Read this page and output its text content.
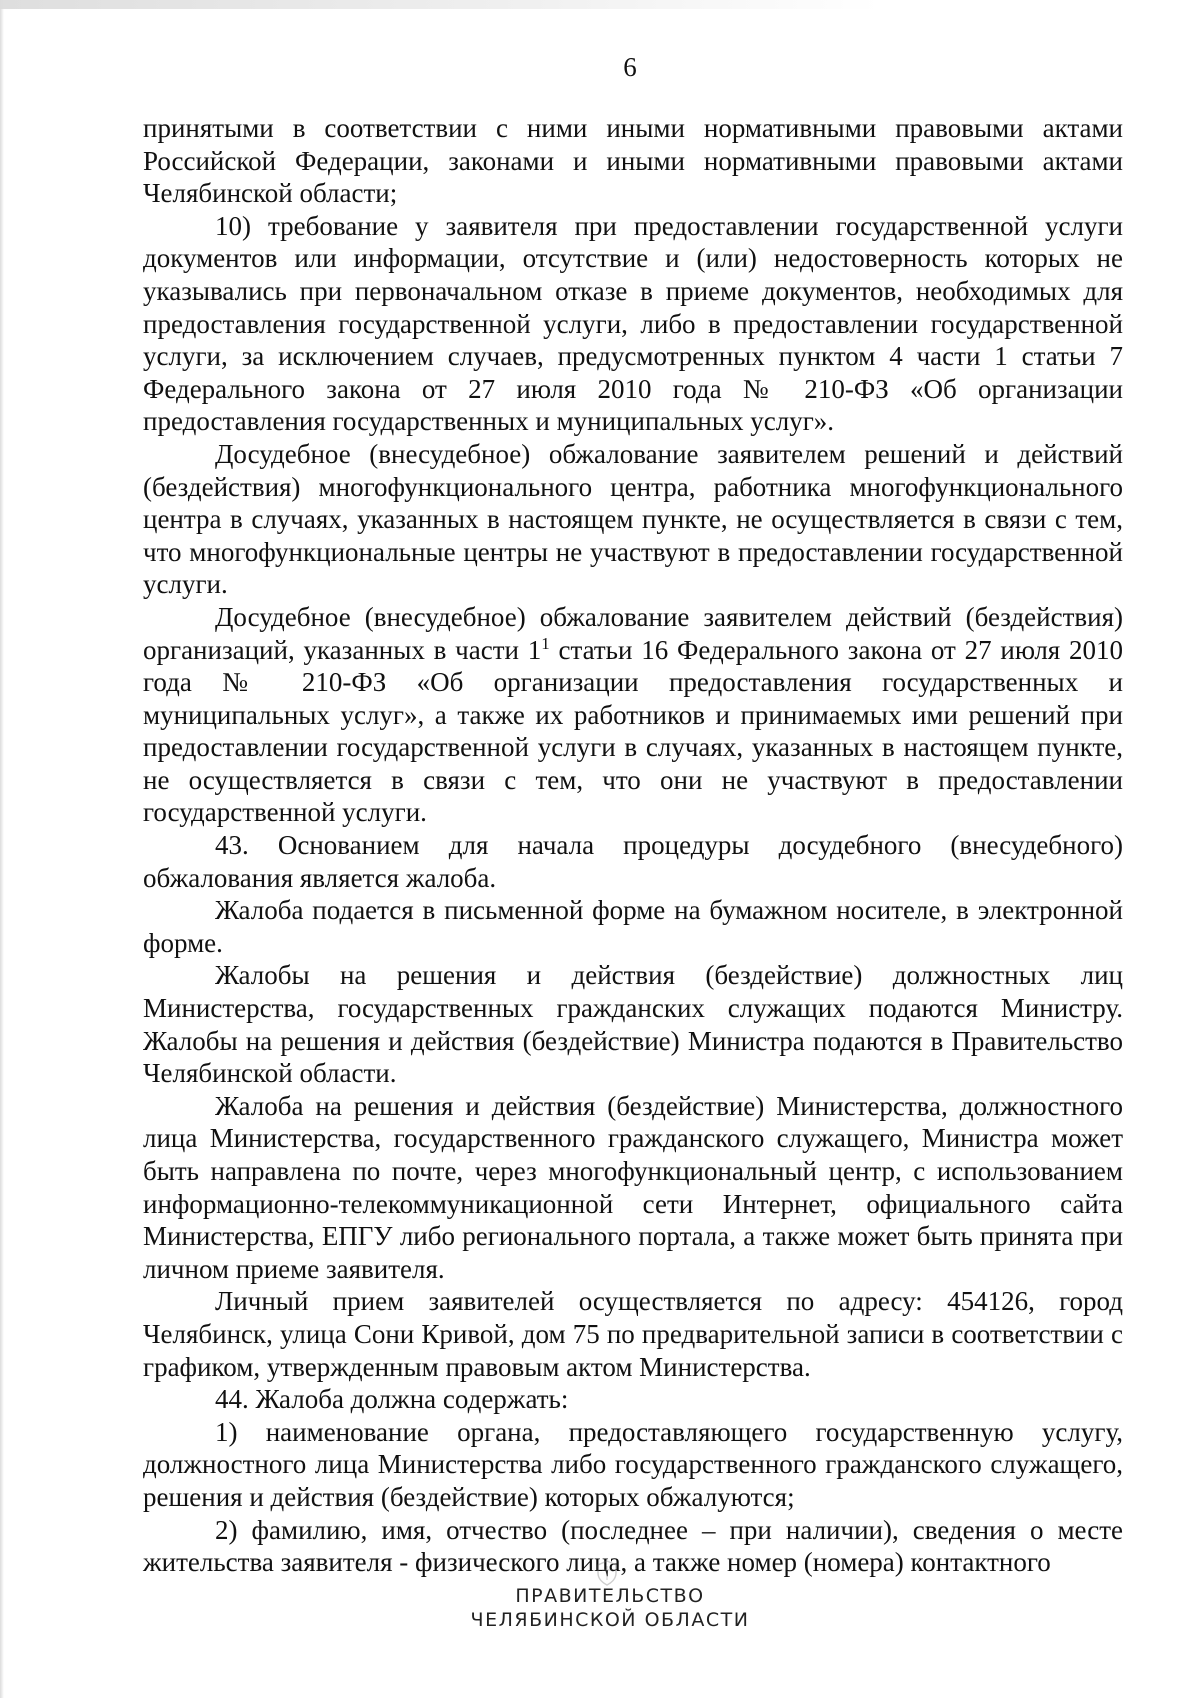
6

принятыми в соответствии с ними иными нормативными правовыми актами Российской Федерации, законами и иными нормативными правовыми актами Челябинской области;

10) требование у заявителя при предоставлении государственной услуги документов или информации, отсутствие и (или) недостоверность которых не указывались при первоначальном отказе в приеме документов, необходимых для предоставления государственной услуги, либо в предоставлении государственной услуги, за исключением случаев, предусмотренных пунктом 4 части 1 статьи 7 Федерального закона от 27 июля 2010 года № 210-ФЗ «Об организации предоставления государственных и муниципальных услуг».

Досудебное (внесудебное) обжалование заявителем решений и действий (бездействия) многофункционального центра, работника многофункционального центра в случаях, указанных в настоящем пункте, не осуществляется в связи с тем, что многофункциональные центры не участвуют в предоставлении государственной услуги.

Досудебное (внесудебное) обжалование заявителем действий (бездействия) организаций, указанных в части $1^1$ статьи 16 Федерального закона от 27 июля 2010 года № 210-ФЗ «Об организации предоставления государственных и муниципальных услуг», а также их работников и принимаемых ими решений при предоставлении государственной услуги в случаях, указанных в настоящем пункте, не осуществляется в связи с тем, что они не участвуют в предоставлении государственной услуги.

43. Основанием для начала процедуры досудебного (внесудебного) обжалования является жалоба.

Жалоба подается в письменной форме на бумажном носителе, в электронной форме.

Жалобы на решения и действия (бездействие) должностных лиц Министерства, государственных гражданских служащих подаются Министру. Жалобы на решения и действия (бездействие) Министра подаются в Правительство Челябинской области.

Жалоба на решения и действия (бездействие) Министерства, должностного лица Министерства, государственного гражданского служащего, Министра может быть направлена по почте, через многофункциональный центр, с использованием информационно-телекоммуникационной сети Интернет, официального сайта Министерства, ЕПГУ либо регионального портала, а также может быть принята при личном приеме заявителя.

Личный прием заявителей осуществляется по адресу: 454126, город Челябинск, улица Сони Кривой, дом 75 по предварительной записи в соответствии с графиком, утвержденным правовым актом Министерства.

44. Жалоба должна содержать:

1) наименование органа, предоставляющего государственную услугу, должностного лица Министерства либо государственного гражданского служащего, решения и действия (бездействие) которых обжалуются;

2) фамилию, имя, отчество (последнее – при наличии), сведения о месте жительства заявителя - физического лица, а также номер (номера) контактного

ПРАВИТЕЛЬСТВО
ЧЕЛЯБИНСКОЙ ОБЛАСТИ
